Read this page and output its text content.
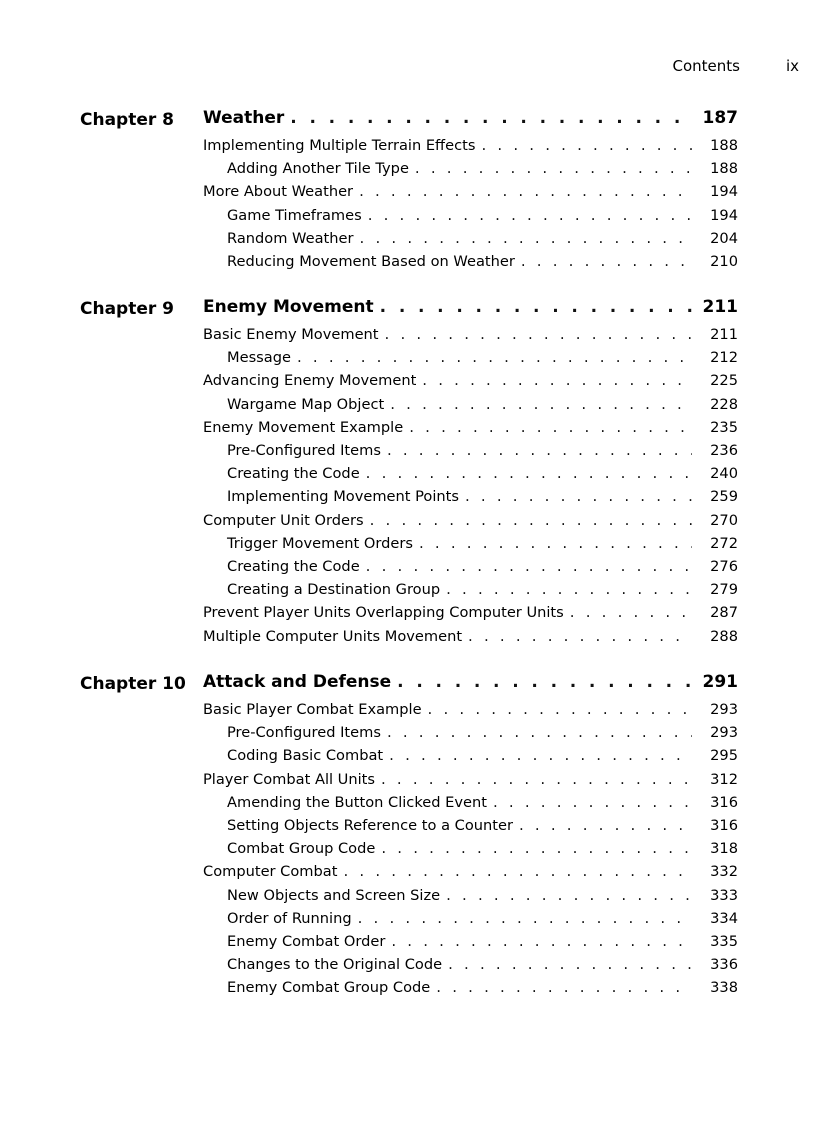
Contents	ix
Chapter 8 Weather . . .	187
Implementing Multiple Terrain Effects . . .	188
Adding Another Tile Type . . .	188
More About Weather . . .	194
Game Timeframes . . .	194
Random Weather . . .	204
Reducing Movement Based on Weather . . .	210
Chapter 9 Enemy Movement . . .	211
Basic Enemy Movement . . .	211
Message . . .	212
Advancing Enemy Movement . . .	225
Wargame Map Object . . .	228
Enemy Movement Example . . .	235
Pre-Configured Items . . .	236
Creating the Code . . .	240
Implementing Movement Points . . .	259
Computer Unit Orders . . .	270
Trigger Movement Orders . . .	272
Creating the Code . . .	276
Creating a Destination Group . . .	279
Prevent Player Units Overlapping Computer Units . . .	287
Multiple Computer Units Movement . . .	288
Chapter 10 Attack and Defense . . .	291
Basic Player Combat Example . . .	293
Pre-Configured Items . . .	293
Coding Basic Combat . . .	295
Player Combat All Units . . .	312
Amending the Button Clicked Event . . .	316
Setting Objects Reference to a Counter . . .	316
Combat Group Code . . .	318
Computer Combat . . .	332
New Objects and Screen Size . . .	333
Order of Running . . .	334
Enemy Combat Order . . .	335
Changes to the Original Code . . .	336
Enemy Combat Group Code . . .	338
